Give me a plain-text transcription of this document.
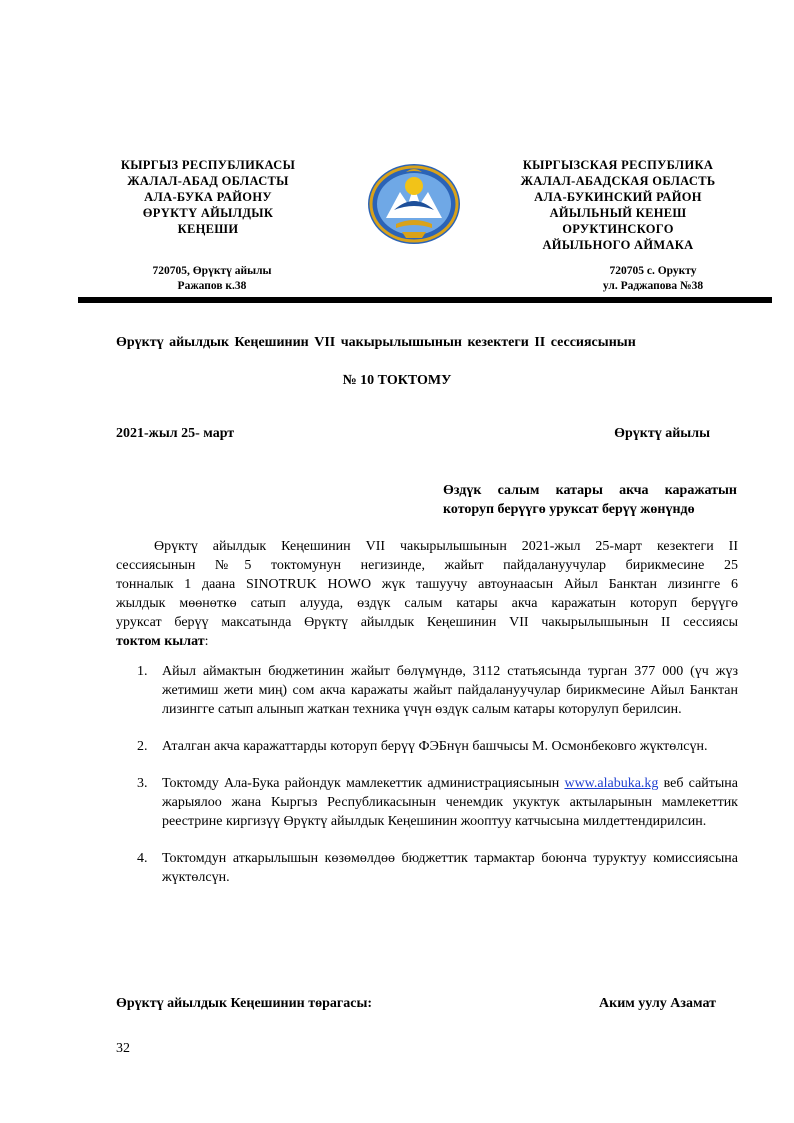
КЫРГЫЗ РЕСПУБЛИКАСЫ
ЖАЛАЛ-АБАД ОБЛАСТЫ
АЛА-БУКА РАЙОНУ
ӨРҮКТҮ АЙЫЛДЫК
КЕҢЕШИ
КЫРГЫЗСКАЯ РЕСПУБЛИКА
ЖАЛАЛ-АБАДСКАЯ ОБЛАСТЬ
АЛА-БУКИНСКИЙ РАЙОН
АЙЫЛЬНЫЙ КЕНЕШ
ОРУКТИНСКОГО
АЙЫЛЬНОГО АЙМАКА
720705, Өрүктү айылы
Ражапов к.38
720705 с. Орукту
ул. Раджапова №38
Өрүктү айылдык Кеңешинин VII чакырылышынын кезектеги II сессиясынын
№ 10 ТОКТОМУ
2021-жыл 25- март	Өрүктү айылы
Өздүк салым катары акча каражатын
которуп берүүгө уруксат берүү жөнүндө
Өрүктү айылдык Кеңешинин VII чакырылышынын 2021-жыл 25-март кезектеги II
сессиясынын №5 токтомунун негизинде, жайыт пайдалануучулар бирикмесине 25
тонналык 1 даана SINOTRUK HOWO жүк ташуучу автоунаасын Айыл Банктан лизингге 6
жылдык мөөнөткө сатып алууда, өздүк салым катары акча каражатын которуп берүүгө
уруксат берүү максатында Өрүктү айылдык Кеңешинин VII чакырылышынын II сессиясы
токтом кылат:
1. Айыл аймактын бюджетинин жайыт бөлүмүндө, 3112 статьясында турган 377 000 (үч жүз жетимиш жети миң) сом акча каражаты жайыт пайдалануучулар бирикмесине Айыл Банктан лизингге сатып алынып жаткан техника үчүн өздүк салым катары которулуп берилсин.
2. Аталган акча каражаттарды которуп берүү ФЭБнүн башчысы М. Осмонбековго жүктөлсүн.
3. Токтомду Ала-Бука райондук мамлекеттик администрациясынын www.alabuka.kg веб сайтына жарыялоо жана Кыргыз Республикасынын ченемдик укуктук актыларынын мамлекеттик реестрине киргизүү Өрүктү айылдык Кеңешинин жооптуу катчысына милдеттендирилсин.
4. Токтомдун аткарылышын көзөмөлдөө бюджеттик тармактар боюнча туруктуу комиссиясына жүктөлсүн.
Өрүктү айылдык Кеңешинин төрагасы:	Аким уулу Азамат
32
